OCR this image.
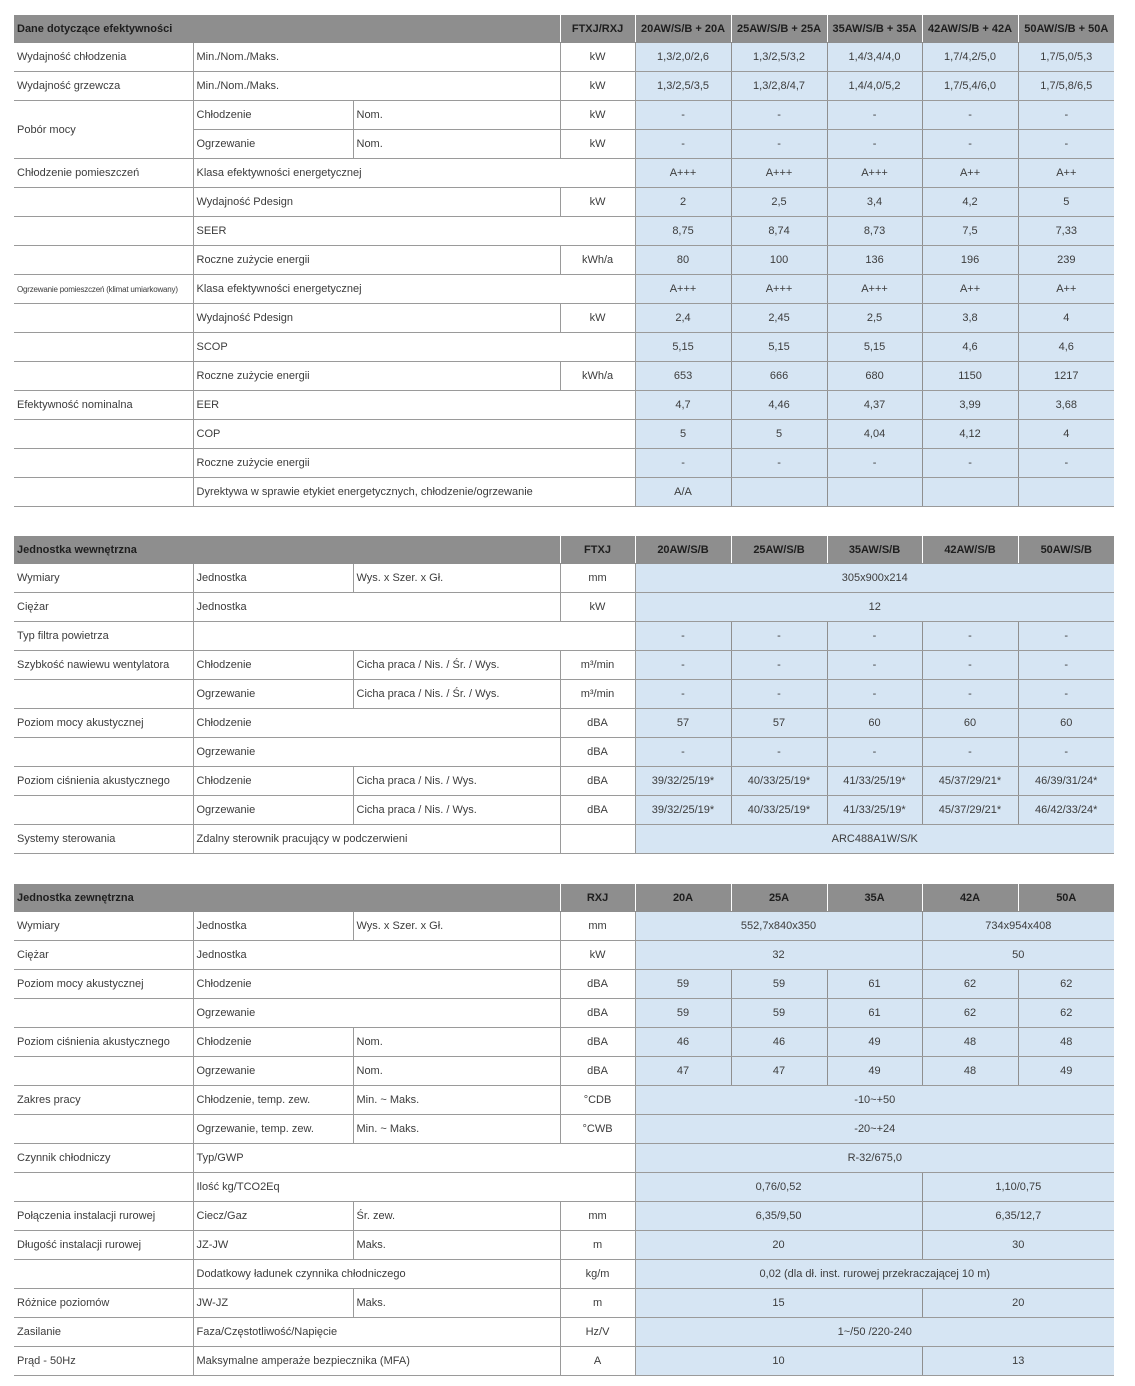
Dane dotyczące efektywności			FTXJ/RXJ	20AW/S/B + 20A	25AW/S/B + 25A	35AW/S/B + 35A	42AW/S/B + 42A	50AW/S/B + 50A
Wydajność chłodzenia	Min./Nom./Maks.		kW	1,3/2,0/2,6	1,3/2,5/3,2	1,4/3,4/4,0	1,7/4,2/5,0	1,7/5,0/5,3
Wydajność grzewcza	Min./Nom./Maks.		kW	1,3/2,5/3,5	1,3/2,8/4,7	1,4/4,0/5,2	1,7/5,4/6,0	1,7/5,8/6,5
Pobór mocy	Chłodzenie	Nom.	kW	-	-	-	-	-
	Ogrzewanie	Nom.	kW	-	-	-	-	-
Chłodzenie pomieszczeń	Klasa efektywności energetycznej			A+++	A+++	A+++	A++	A++
	Wydajność Pdesign		kW	2	2,5	3,4	4,2	5
	SEER			8,75	8,74	8,73	7,5	7,33
	Roczne zużycie energii		kWh/a	80	100	136	196	239
Ogrzewanie pomieszczeń (klimat umiarkowany)	Klasa efektywności energetycznej			A+++	A+++	A+++	A++	A++
	Wydajność Pdesign		kW	2,4	2,45	2,5	3,8	4
	SCOP			5,15	5,15	5,15	4,6	4,6
	Roczne zużycie energii		kWh/a	653	666	680	1150	1217
Efektywność nominalna	EER			4,7	4,46	4,37	3,99	3,68
	COP			5	5	4,04	4,12	4
	Roczne zużycie energii			-	-	-	-	-
	Dyrektywa w sprawie etykiet energetycznych, chłodzenie/ogrzewanie			A/A				
Jednostka wewnętrzna			FTXJ	20AW/S/B	25AW/S/B	35AW/S/B	42AW/S/B	50AW/S/B
Wymiary	Jednostka	Wys. x Szer. x Gł.	mm	305x900x214				
Ciężar	Jednostka		kW	12				
Typ filtra powietrza				-	-	-	-	-
Szybkość nawiewu wentylatora	Chłodzenie	Cicha praca / Nis. / Śr. / Wys.	m³/min	-	-	-	-	-
	Ogrzewanie	Cicha praca / Nis. / Śr. / Wys.	m³/min	-	-	-	-	-
Poziom mocy akustycznej	Chłodzenie		dBA	57	57	60	60	60
	Ogrzewanie		dBA	-	-	-	-	-
Poziom ciśnienia akustycznego	Chłodzenie	Cicha praca / Nis. / Wys.	dBA	39/32/25/19*	40/33/25/19*	41/33/25/19*	45/37/29/21*	46/39/31/24*
	Ogrzewanie	Cicha praca / Nis. / Wys.	dBA	39/32/25/19*	40/33/25/19*	41/33/25/19*	45/37/29/21*	46/42/33/24*
Systemy sterowania	Zdalny sterownik pracujący w podczerwieni			ARC488A1W/S/K				
Jednostka zewnętrzna			RXJ	20A	25A	35A	42A	50A
Wymiary	Jednostka	Wys. x Szer. x Gł.	mm	552,7x840x350			734x954x408	
Ciężar	Jednostka		kW	32			50	
Poziom mocy akustycznej	Chłodzenie		dBA	59	59	61	62	62
	Ogrzewanie		dBA	59	59	61	62	62
Poziom ciśnienia akustycznego	Chłodzenie	Nom.	dBA	46	46	49	48	48
	Ogrzewanie	Nom.	dBA	47	47	49	48	49
Zakres pracy	Chłodzenie, temp. zew.	Min. ~ Maks.	°CDB	-10~+50				
	Ogrzewanie, temp. zew.	Min. ~ Maks.	°CWB	-20~+24				
Czynnik chłodniczy	Typ/GWP			R-32/675,0				
	Ilość kg/TCO2Eq			0,76/0,52			1,10/0,75	
Połączenia instalacji rurowej	Ciecz/Gaz	Śr. zew.	mm	6,35/9,50			6,35/12,7	
Długość instalacji rurowej	JZ-JW	Maks.	m	20			30	
	Dodatkowy ładunek czynnika chłodniczego		kg/m	0,02 (dla dł. inst. rurowej przekraczającej 10 m)				
Różnice poziomów	JW-JZ	Maks.	m	15			20	
Zasilanie	Faza/Częstotliwość/Napięcie		Hz/V	1~/50 /220-240				
Prąd - 50Hz	Maksymalne amperaże bezpiecznika (MFA)		A	10			13	
